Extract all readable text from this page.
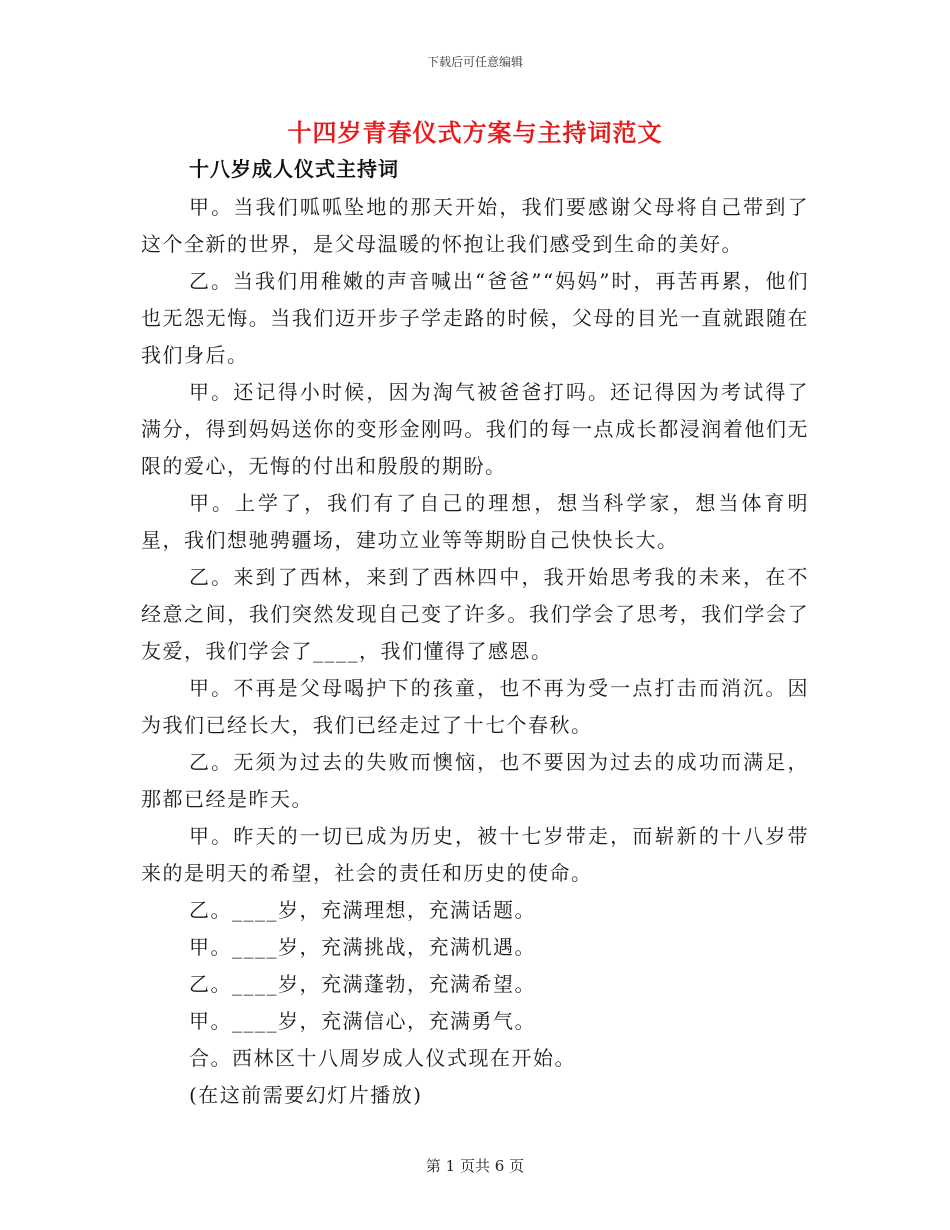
下载后可任意编辑
十四岁青春仪式方案与主持词范文
十八岁成人仪式主持词

甲。当我们呱呱坠地的那天开始，我们要感谢父母将自己带到了这个全新的世界，是父母温暖的怀抱让我们感受到生命的美好。

乙。当我们用稚嫩的声音喊出“爸爸”“妈妈”时，再苦再累，他们也无怨无悔。当我们迈开步子学走路的时候，父母的目光一直就跟随在我们身后。

甲。还记得小时候，因为淘气被爸爸打吗。还记得因为考试得了满分，得到妈妈送你的变形金刚吗。我们的每一点成长都浸润着他们无限的爱心，无悔的付出和殷殷的期盼。

甲。上学了，我们有了自己的理想，想当科学家，想当体育明星，我们想驰骋疆场，建功立业等等期盼自己快快长大。

乙。来到了西林，来到了西林四中，我开始思考我的未来，在不经意之间，我们突然发现自己变了许多。我们学会了思考，我们学会了友爱，我们学会了____，我们懂得了感恩。

甲。不再是父母喝护下的孩童，也不再为受一点打击而消沉。因为我们已经长大，我们已经走过了十七个春秋。

乙。无须为过去的失败而懊恼，也不要因为过去的成功而满足，那都已经是昨天。

甲。昨天的一切已成为历史，被十七岁带走，而崭新的十八岁带来的是明天的希望，社会的责任和历史的使命。

乙。____岁，充满理想，充满话题。

甲。____岁，充满挑战，充满机遇。

乙。____岁，充满蓬勃，充满希望。

甲。____岁，充满信心，充满勇气。

合。西林区十八周岁成人仪式现在开始。

(在这前需要幻灯片播放)

第 1 页共 6 页
